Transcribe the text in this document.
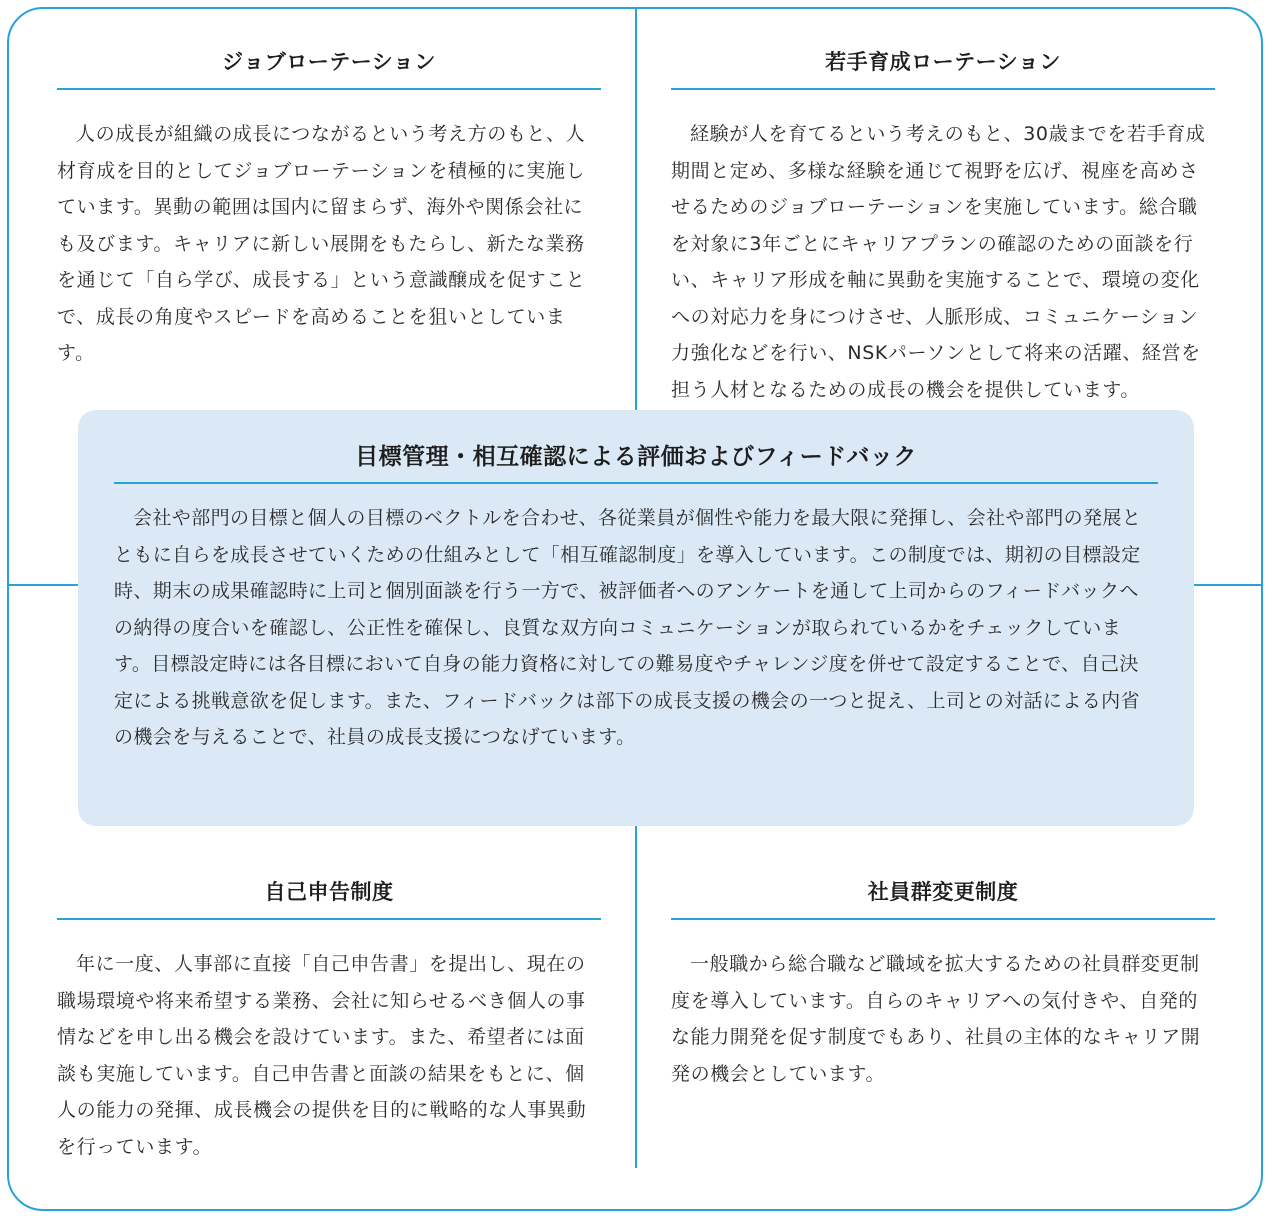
ジョブローテーション

人の成長が組織の成長につながるという考え方のもと、人材育成を目的としてジョブローテーションを積極的に実施しています。異動の範囲は国内に留まらず、海外や関係会社にも及びます。キャリアに新しい展開をもたらし、新たな業務を通じて「自ら学び、成長する」という意識醸成を促すことで、成長の角度やスピードを高めることを狙いとしています。

若手育成ローテーション

経験が人を育てるという考えのもと、30歳までを若手育成期間と定め、多様な経験を通じて視野を広げ、視座を高めさせるためのジョブローテーションを実施しています。総合職を対象に3年ごとにキャリアプランの確認のための面談を行い、キャリア形成を軸に異動を実施することで、環境の変化への対応力を身につけさせ、人脈形成、コミュニケーション力強化などを行い、NSKパーソンとして将来の活躍、経営を担う人材となるための成長の機会を提供しています。

目標管理・相互確認による評価およびフィードバック

会社や部門の目標と個人の目標のベクトルを合わせ、各従業員が個性や能力を最大限に発揮し、会社や部門の発展とともに自らを成長させていくための仕組みとして「相互確認制度」を導入しています。この制度では、期初の目標設定時、期末の成果確認時に上司と個別面談を行う一方で、被評価者へのアンケートを通して上司からのフィードバックへの納得の度合いを確認し、公正性を確保し、良質な双方向コミュニケーションが取られているかをチェックしています。目標設定時には各目標において自身の能力資格に対しての難易度やチャレンジ度を併せて設定することで、自己決定による挑戦意欲を促します。また、フィードバックは部下の成長支援の機会の一つと捉え、上司との対話による内省の機会を与えることで、社員の成長支援につなげています。

自己申告制度

年に一度、人事部に直接「自己申告書」を提出し、現在の職場環境や将来希望する業務、会社に知らせるべき個人の事情などを申し出る機会を設けています。また、希望者には面談も実施しています。自己申告書と面談の結果をもとに、個人の能力の発揮、成長機会の提供を目的に戦略的な人事異動を行っています。

社員群変更制度

一般職から総合職など職域を拡大するための社員群変更制度を導入しています。自らのキャリアへの気付きや、自発的な能力開発を促す制度でもあり、社員の主体的なキャリア開発の機会としています。
